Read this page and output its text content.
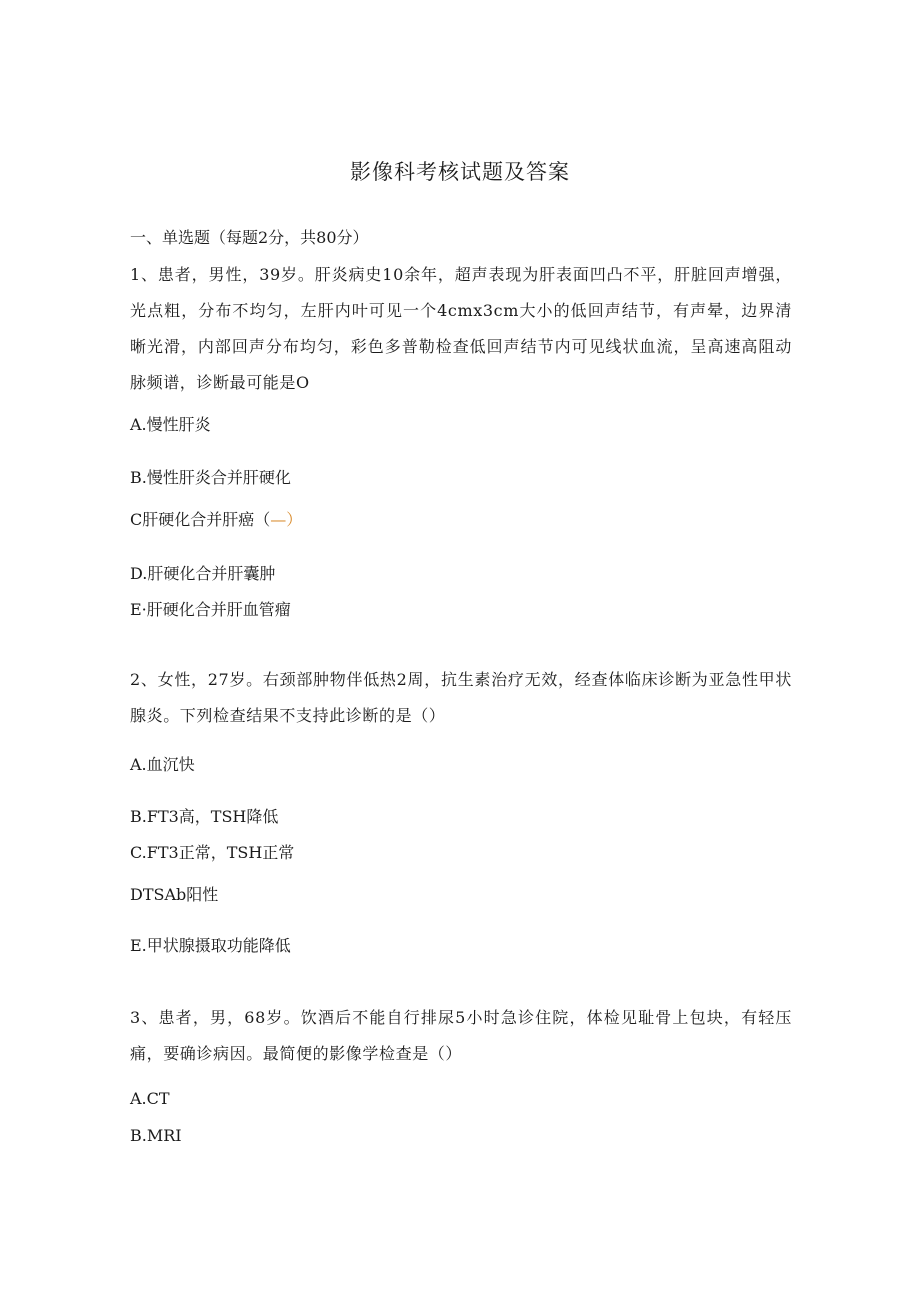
影像科考核试题及答案
一、单选题（每题2分，共80分）
1、患者，男性，39岁。肝炎病史10余年，超声表现为肝表面凹凸不平，肝脏回声增强，光点粗，分布不均匀，左肝内叶可见一个4cmx3cm大小的低回声结节，有声晕，边界清晰光滑，内部回声分布均匀，彩色多普勒检查低回声结节内可见线状血流，呈高速高阻动脉频谱，诊断最可能是O
A.慢性肝炎
B.慢性肝炎合并肝硬化
C肝硬化合并肝癌（—）
D.肝硬化合并肝囊肿
E·肝硬化合并肝血管瘤
2、女性，27岁。右颈部肿物伴低热2周，抗生素治疗无效，经查体临床诊断为亚急性甲状腺炎。下列检查结果不支持此诊断的是（）
A.血沉快
B.FT3高，TSH降低
C.FT3正常，TSH正常
DTSAb阳性
E.甲状腺摄取功能降低
3、患者，男，68岁。饮酒后不能自行排尿5小时急诊住院，体检见耻骨上包块，有轻压痛，要确诊病因。最简便的影像学检查是（）
A.CT
B.MRI
